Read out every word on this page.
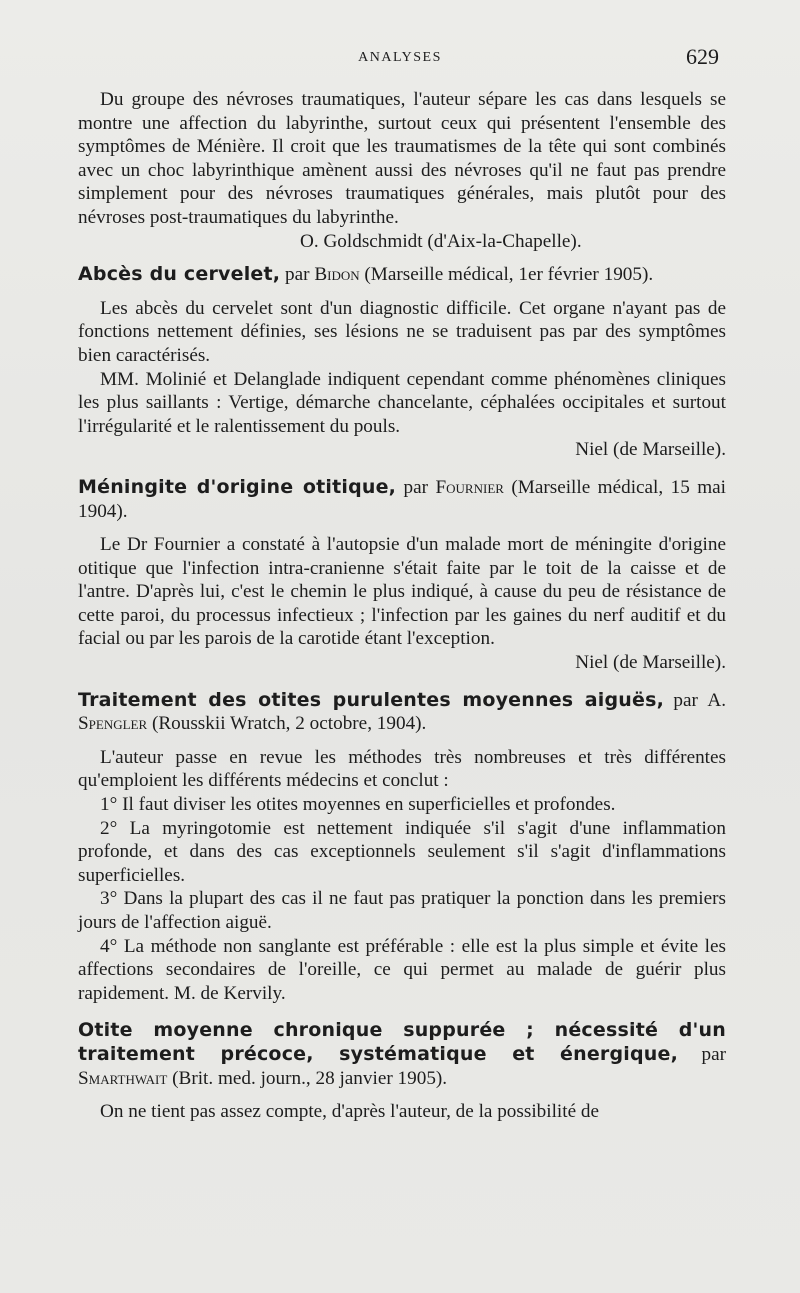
ANALYSES	629

Du groupe des névroses traumatiques, l'auteur sépare les cas dans lesquels se montre une affection du labyrinthe, surtout ceux qui présentent l'ensemble des symptômes de Ménière. Il croit que les traumatismes de la tête qui sont combinés avec un choc labyrinthique amènent aussi des névroses qu'il ne faut pas prendre simplement pour des névroses traumatiques générales, mais plutôt pour des névroses post-traumatiques du labyrinthe.

O. Goldschmidt (d'Aix-la-Chapelle).

Abcès du cervelet, par Bidon (Marseille médical, 1er février 1905).

Les abcès du cervelet sont d'un diagnostic difficile. Cet organe n'ayant pas de fonctions nettement définies, ses lésions ne se traduisent pas par des symptômes bien caractérisés.

MM. Molinié et Delanglade indiquent cependant comme phénomènes cliniques les plus saillants : Vertige, démarche chancelante, céphalées occipitales et surtout l'irrégularité et le ralentissement du pouls.

Niel (de Marseille).

Méningite d'origine otitique, par Fournier (Marseille médical, 15 mai 1904).

Le Dr Fournier a constaté à l'autopsie d'un malade mort de méningite d'origine otitique que l'infection intra-cranienne s'était faite par le toit de la caisse et de l'antre. D'après lui, c'est le chemin le plus indiqué, à cause du peu de résistance de cette paroi, du processus infectieux ; l'infection par les gaines du nerf auditif et du facial ou par les parois de la carotide étant l'exception.

Niel (de Marseille).

Traitement des otites purulentes moyennes aiguës, par A. Spengler (Rousskii Wratch, 2 octobre, 1904).

L'auteur passe en revue les méthodes très nombreuses et très différentes qu'emploient les différents médecins et conclut :

1° Il faut diviser les otites moyennes en superficielles et profondes.

2° La myringotomie est nettement indiquée s'il s'agit d'une inflammation profonde, et dans des cas exceptionnels seulement s'il s'agit d'inflammations superficielles.

3° Dans la plupart des cas il ne faut pas pratiquer la ponction dans les premiers jours de l'affection aiguë.

4° La méthode non sanglante est préférable : elle est la plus simple et évite les affections secondaires de l'oreille, ce qui permet au malade de guérir plus rapidement. M. de Kervily.

Otite moyenne chronique suppurée ; nécessité d'un traitement précoce, systématique et énergique, par Smarthwait (Brit. med. journ., 28 janvier 1905).

On ne tient pas assez compte, d'après l'auteur, de la possibilité de
